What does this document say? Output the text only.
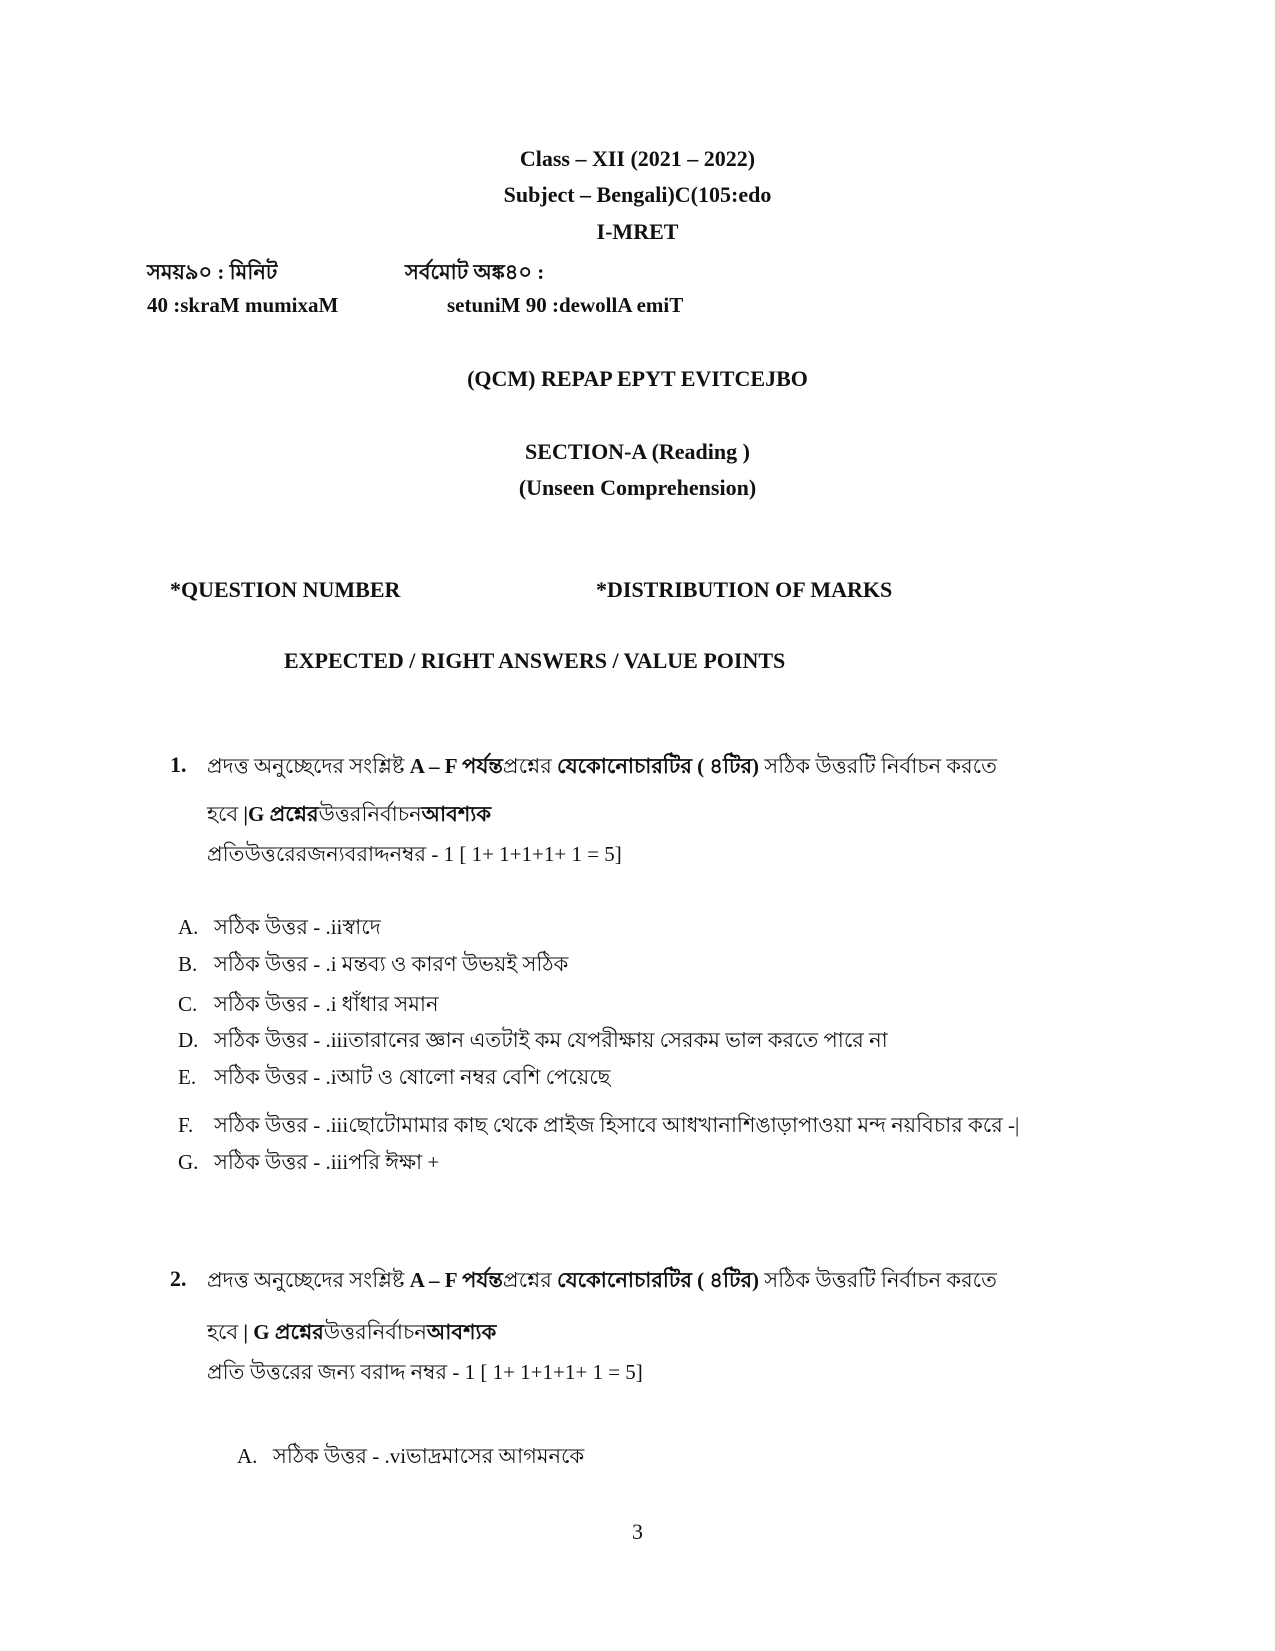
Class – XII (2021 – 2022)
Subject – Bengali)C(105:edo
I-MRET
সময়৯০ : মিনিট	সর্বমোট অঙ্ক৪০ :
40 :skraM mumixaM	setuniM 90 :dewollA emiT
(QCM) REPAP EPYT EVITCEJBO
SECTION-A (Reading )
(Unseen Comprehension)
*QUESTION NUMBER	*DISTRIBUTION OF MARKS
EXPECTED / RIGHT ANSWERS / VALUE POINTS
1. প্রদত্ত অনুচ্ছেদের সংশ্লিষ্ট A – F পর্যন্তপ্রশ্নের যেকোনোচারটির ( ৪টির) সঠিক উত্তরটি নির্বাচন করতে
হবে |G প্রশ্নেরউত্তরনির্বাচনআবশ্যক
প্রতিউত্তরেরজন্যবরাদ্দনম্বর - 1 [ 1+ 1+1+1+ 1 = 5]
A. সঠিক উত্তর - .iiস্বাদে
B. সঠিক উত্তর - .i মন্তব্য ও কারণ উভয়ই সঠিক
C. সঠিক উত্তর - .i ধাঁধার সমান
D. সঠিক উত্তর - .iiiতারানের জ্ঞান এতটাই কম যেপরীক্ষায় সেরকম ভাল করতে পারে না
E. সঠিক উত্তর - .iআট ও ষোলো নম্বর বেশি পেয়েছে
F. সঠিক উত্তর - .iiiছোটোমামার কাছ থেকে প্রাইজ হিসাবে আধখানাশিঙাড়াপাওয়া মন্দ নয়বিচার করে -|
G. সঠিক উত্তর - .iiiপরি ঈক্ষা +
2. প্রদত্ত অনুচ্ছেদের সংশ্লিষ্ট A – F পর্যন্তপ্রশ্নের যেকোনোচারটির ( ৪টির) সঠিক উত্তরটি নির্বাচন করতে
হবে | G প্রশ্নেরউত্তরনির্বাচনআবশ্যক
প্রতি উত্তরের জন্য বরাদ্দ নম্বর - 1 [ 1+ 1+1+1+ 1 = 5]
A. সঠিক উত্তর - .viভাদ্রমাসের আগমনকে
3
